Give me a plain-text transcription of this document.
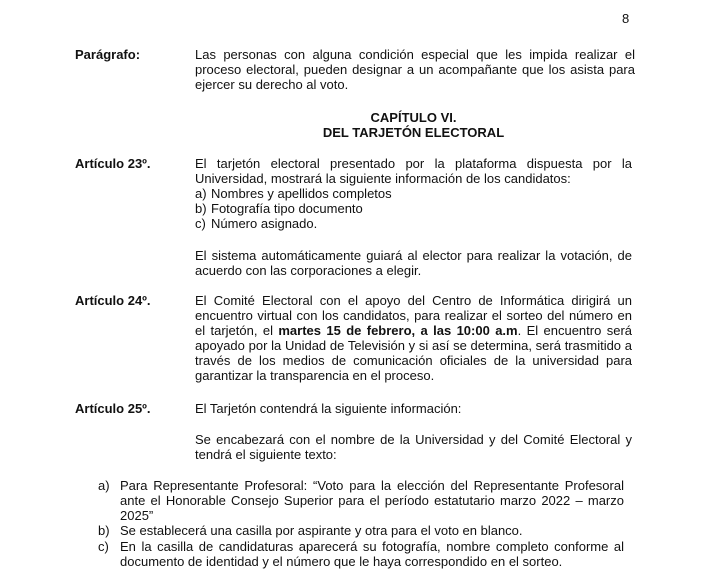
8
Parágrafo:	Las personas con alguna condición especial que les impida realizar el proceso electoral, pueden designar a un acompañante que los asista para ejercer su derecho al voto.
CAPÍTULO VI.
DEL TARJETÓN ELECTORAL
Artículo 23º.	El tarjetón electoral presentado por la plataforma dispuesta por la Universidad, mostrará la siguiente información de los candidatos:
a) Nombres y apellidos completos
b) Fotografía tipo documento
c) Número asignado.
El sistema automáticamente guiará al elector para realizar la votación, de acuerdo con las corporaciones a elegir.
Artículo 24º.	El Comité Electoral con el apoyo del Centro de Informática dirigirá un encuentro virtual con los candidatos, para realizar el sorteo del número en el tarjetón, el martes 15 de febrero, a las 10:00 a.m. El encuentro será apoyado por la Unidad de Televisión y si así se determina, será trasmitido a través de los medios de comunicación oficiales de la universidad para garantizar la transparencia en el proceso.
Artículo 25º.	El Tarjetón contendrá la siguiente información:
Se encabezará con el nombre de la Universidad y del Comité Electoral y tendrá el siguiente texto:
a) Para Representante Profesoral: “Voto para la elección del Representante Profesoral ante el Honorable Consejo Superior para el período estatutario marzo 2022 – marzo 2025”
b) Se establecerá una casilla por aspirante y otra para el voto en blanco.
c) En la casilla de candidaturas aparecerá su fotografía, nombre completo conforme al documento de identidad y el número que le haya correspondido en el sorteo.
